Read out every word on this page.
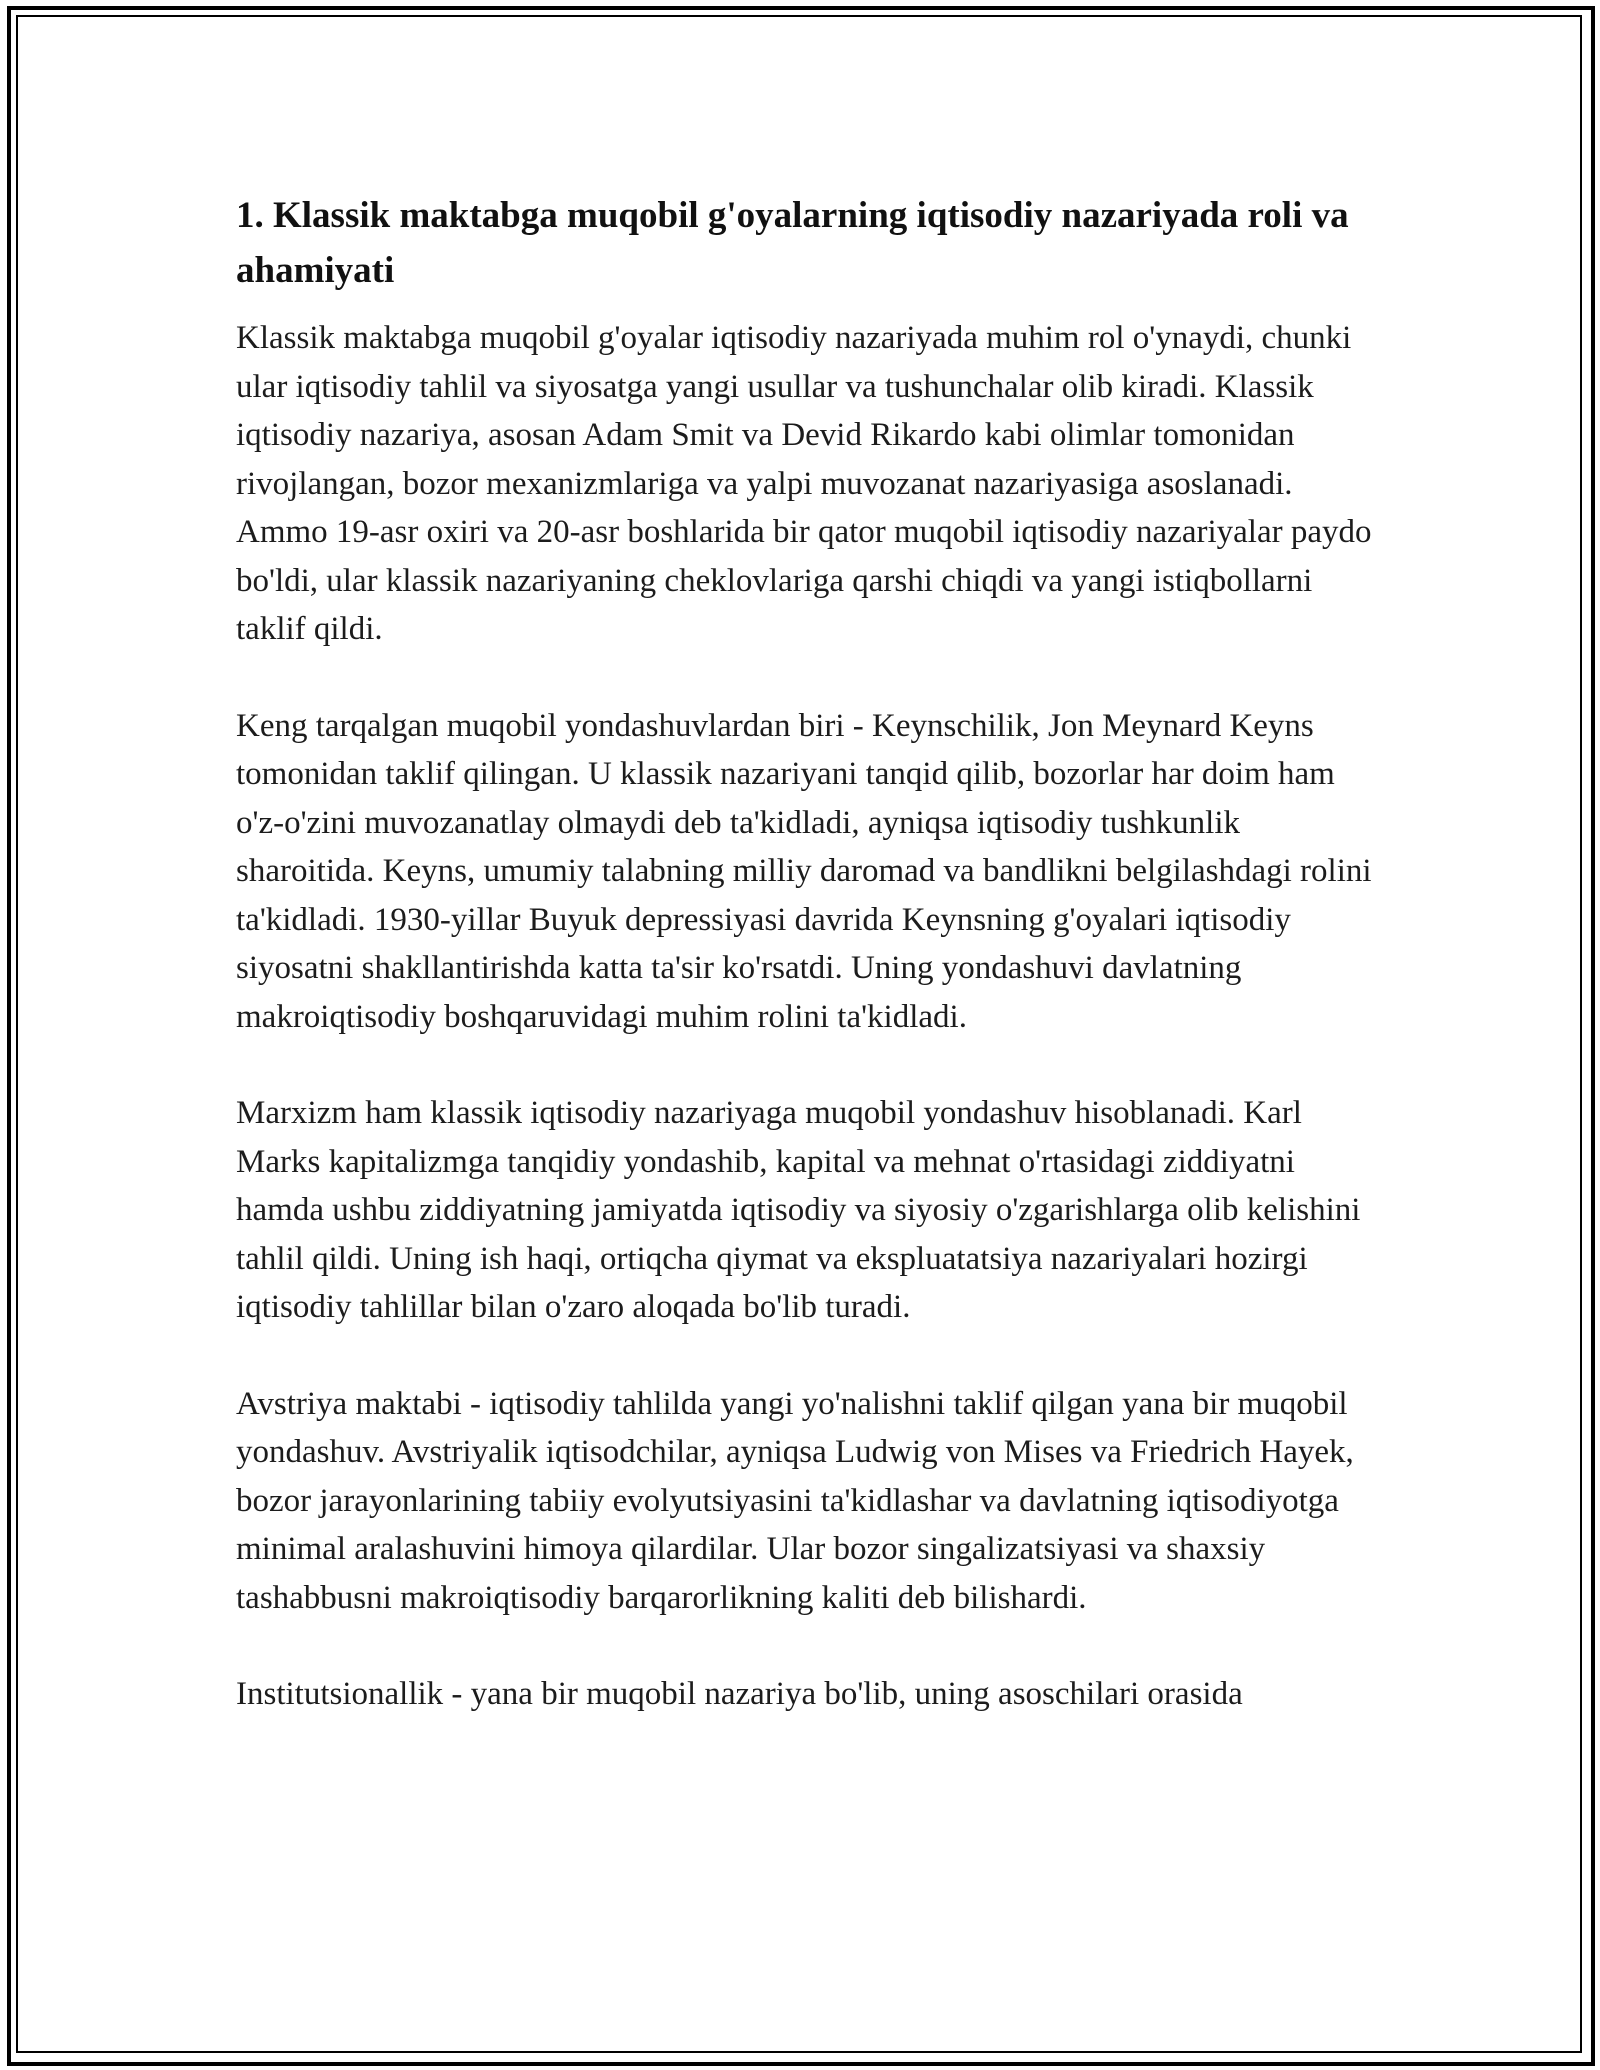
1. Klassik maktabga muqobil g'oyalarning iqtisodiy nazariyada roli va ahamiyati

Klassik maktabga muqobil g'oyalar iqtisodiy nazariyada muhim rol o'ynaydi, chunki ular iqtisodiy tahlil va siyosatga yangi usullar va tushunchalar olib kiradi. Klassik iqtisodiy nazariya, asosan Adam Smit va Devid Rikardo kabi olimlar tomonidan rivojlangan, bozor mexanizmlariga va yalpi muvozanat nazariyasiga asoslanadi. Ammo 19-asr oxiri va 20-asr boshlarida bir qator muqobil iqtisodiy nazariyalar paydo bo'ldi, ular klassik nazariyaning cheklovlariga qarshi chiqdi va yangi istiqbollarni taklif qildi.

Keng tarqalgan muqobil yondashuvlardan biri - Keynschilik, Jon Meynard Keyns tomonidan taklif qilingan. U klassik nazariyani tanqid qilib, bozorlar har doim ham o'z-o'zini muvozanatlay olmaydi deb ta'kidladi, ayniqsa iqtisodiy tushkunlik sharoitida. Keyns, umumiy talabning milliy daromad va bandlikni belgilashdagi rolini ta'kidladi. 1930-yillar Buyuk depressiyasi davrida Keynsning g'oyalari iqtisodiy siyosatni shakllantirishda katta ta'sir ko'rsatdi. Uning yondashuvi davlatning makroiqtisodiy boshqaruvidagi muhim rolini ta'kidladi.

Marxizm ham klassik iqtisodiy nazariyaga muqobil yondashuv hisoblanadi. Karl Marks kapitalizmga tanqidiy yondashib, kapital va mehnat o'rtasidagi ziddiyatni hamda ushbu ziddiyatning jamiyatda iqtisodiy va siyosiy o'zgarishlarga olib kelishini tahlil qildi. Uning ish haqi, ortiqcha qiymat va ekspluatatsiya nazariyalari hozirgi iqtisodiy tahlillar bilan o'zaro aloqada bo'lib turadi.

Avstriya maktabi - iqtisodiy tahlilda yangi yo'nalishni taklif qilgan yana bir muqobil yondashuv. Avstriyalik iqtisodchilar, ayniqsa Ludwig von Mises va Friedrich Hayek, bozor jarayonlarining tabiiy evolyutsiyasini ta'kidlashar va davlatning iqtisodiyotga minimal aralashuvini himoya qilardilar. Ular bozor singalizatsiyasi va shaxsiy tashabbusni makroiqtisodiy barqarorlikning kaliti deb bilishardi.

Institutsionallik - yana bir muqobil nazariya bo'lib, uning asoschilari orasida
